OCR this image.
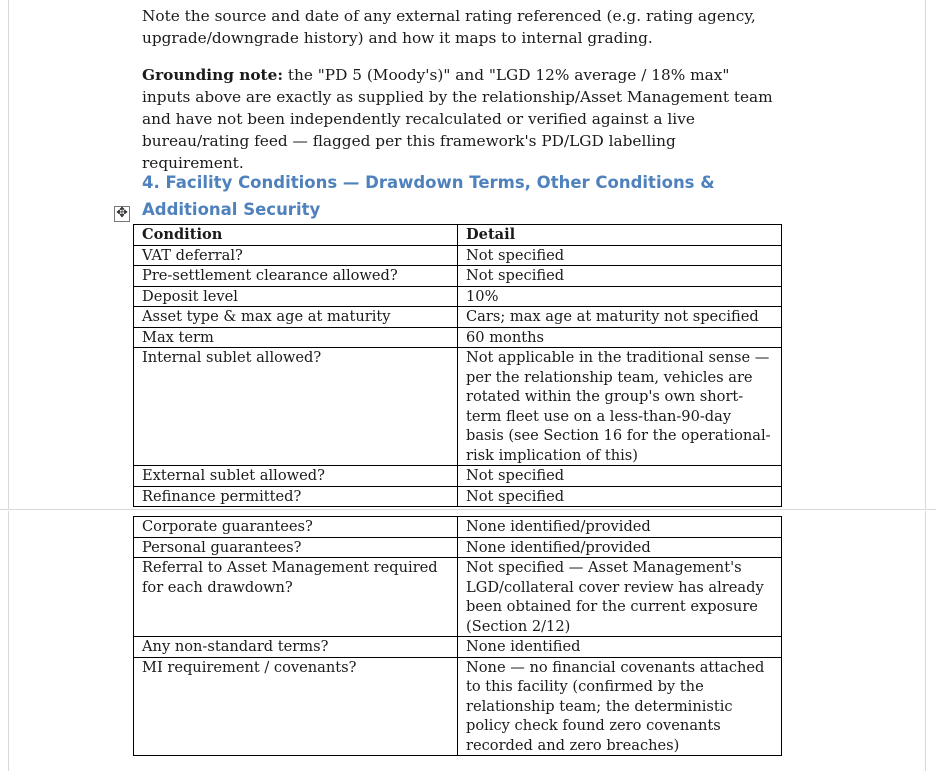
Note the source and date of any external rating referenced (e.g. rating agency, upgrade/downgrade history) and how it maps to internal grading.
Grounding note: the "PD 5 (Moody's)" and "LGD 12% average / 18% max" inputs above are exactly as supplied by the relationship/Asset Management team and have not been independently recalculated or verified against a live bureau/rating feed — flagged per this framework's PD/LGD labelling requirement.
4. Facility Conditions — Drawdown Terms, Other Conditions & Additional Security
✥
Condition	Detail
VAT deferral?	Not specified
Pre-settlement clearance allowed?	Not specified
Deposit level	10%
Asset type & max age at maturity	Cars; max age at maturity not specified
Max term	60 months
Internal sublet allowed?	Not applicable in the traditional sense — per the relationship team, vehicles are rotated within the group's own short-term fleet use on a less-than-90-day basis (see Section 16 for the operational-risk implication of this)
External sublet allowed?	Not specified
Refinance permitted?	Not specified
Corporate guarantees?	None identified/provided
Personal guarantees?	None identified/provided
Referral to Asset Management required for each drawdown?	Not specified — Asset Management's LGD/collateral cover review has already been obtained for the current exposure (Section 2/12)
Any non-standard terms?	None identified
MI requirement / covenants?	None — no financial covenants attached to this facility (confirmed by the relationship team; the deterministic policy check found zero covenants recorded and zero breaches)
